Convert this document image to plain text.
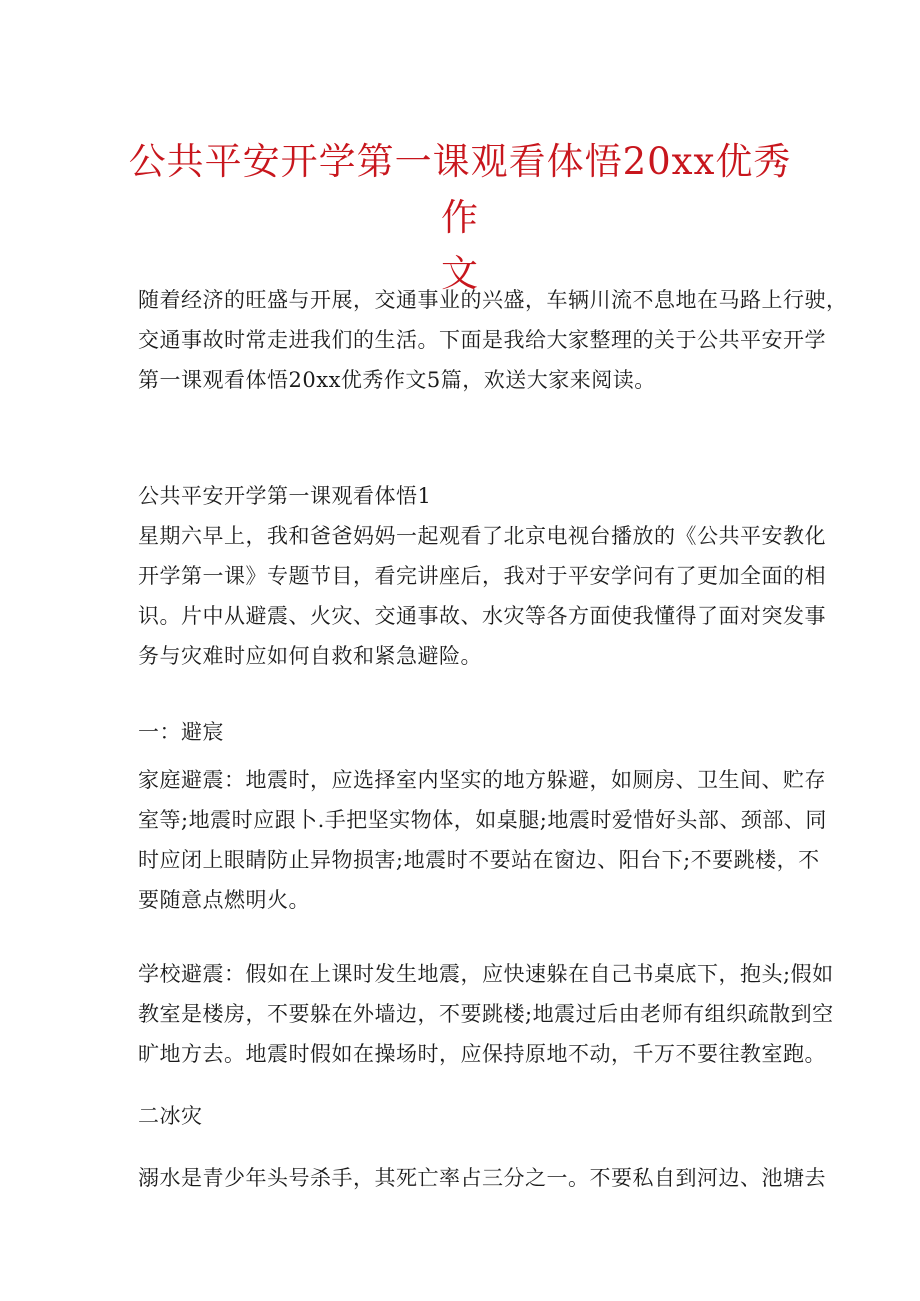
公共平安开学第一课观看体悟20xx优秀作
文

随着经济的旺盛与开展，交通事业的兴盛，车辆川流不息地在马路上行驶，
交通事故时常走进我们的生活。下面是我给大家整理的关于公共平安开学
第一课观看体悟20xx优秀作文5篇，欢送大家来阅读。

公共平安开学第一课观看体悟1

星期六早上，我和爸爸妈妈一起观看了北京电视台播放的《公共平安教化
开学第一课》专题节目，看完讲座后，我对于平安学问有了更加全面的相
识。片中从避震、火灾、交通事故、水灾等各方面使我懂得了面对突发事
务与灾难时应如何自救和紧急避险。

一：避宸

家庭避震：地震时，应选择室内坚实的地方躲避，如厕房、卫生间、贮存
室等;地震时应跟卜.手把坚实物体，如桌腿;地震时爱惜好头部、颈部、同
时应闭上眼睛防止异物损害;地震时不要站在窗边、阳台下;不要跳楼，不
要随意点燃明火。

学校避震：假如在上课时发生地震，应快速躲在自己书桌底下，抱头;假如
教室是楼房，不要躲在外墙边，不要跳楼;地震过后由老师有组织疏散到空
旷地方去。地震时假如在操场时，应保持原地不动，千万不要往教室跑。

二冰灾

溺水是青少年头号杀手，其死亡率占三分之一。不要私自到河边、池塘去
